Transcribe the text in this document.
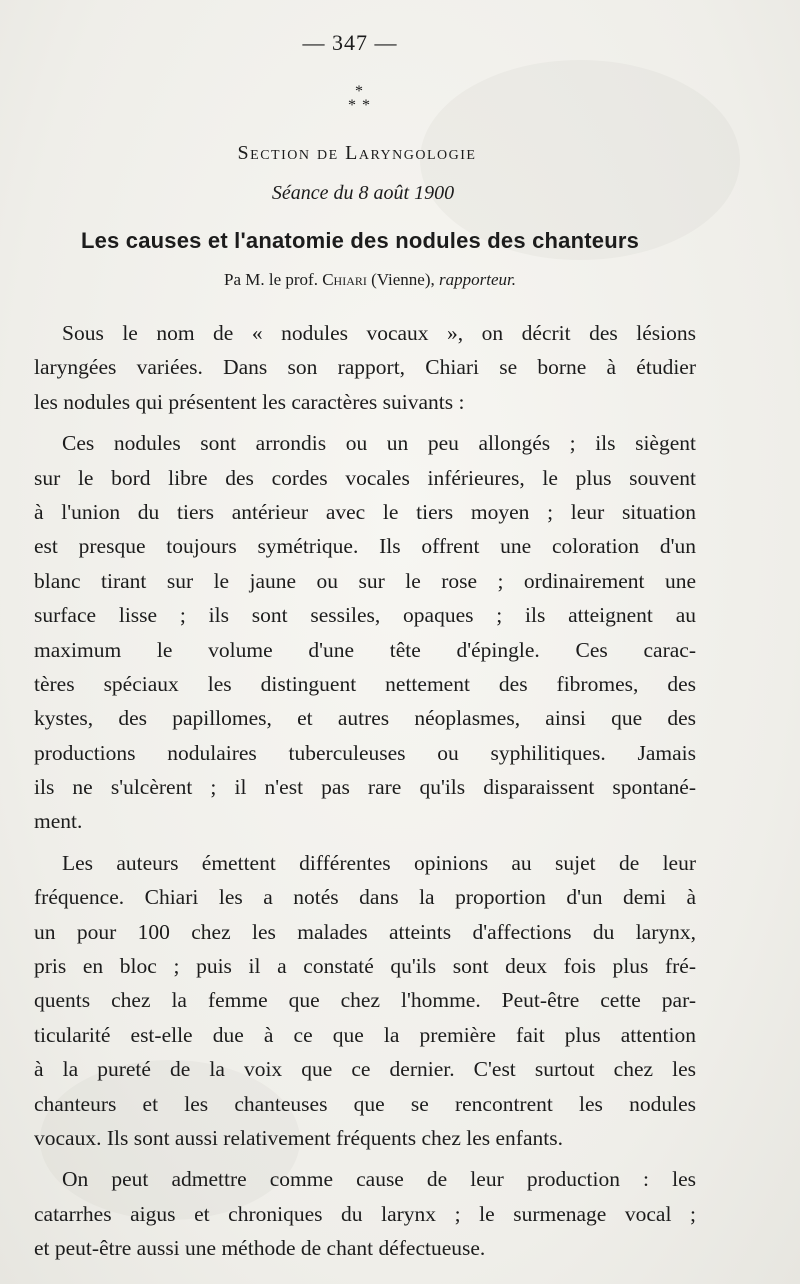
— 347 —
*
* *
Section de Laryngologie
Séance du 8 août 1900
Les causes et l'anatomie des nodules des chanteurs
Pa M. le prof. Chiari (Vienne), rapporteur.
Sous le nom de « nodules vocaux », on décrit des lésions
laryngées variées. Dans son rapport, Chiari se borne à étudier
les nodules qui présentent les caractères suivants :
Ces nodules sont arrondis ou un peu allongés ; ils siègent
sur le bord libre des cordes vocales inférieures, le plus souvent
à l'union du tiers antérieur avec le tiers moyen ; leur situation
est presque toujours symétrique. Ils offrent une coloration d'un
blanc tirant sur le jaune ou sur le rose ; ordinairement une
surface lisse ; ils sont sessiles, opaques ; ils atteignent au
maximum le volume d'une tête d'épingle. Ces carac-
tères spéciaux les distinguent nettement des fibromes, des
kystes, des papillomes, et autres néoplasmes, ainsi que des
productions nodulaires tuberculeuses ou syphilitiques. Jamais
ils ne s'ulcèrent ; il n'est pas rare qu'ils disparaissent spontané-
ment.
Les auteurs émettent différentes opinions au sujet de leur
fréquence. Chiari les a notés dans la proportion d'un demi à
un pour 100 chez les malades atteints d'affections du larynx,
pris en bloc ; puis il a constaté qu'ils sont deux fois plus fré-
quents chez la femme que chez l'homme. Peut-être cette par-
ticularité est-elle due à ce que la première fait plus attention
à la pureté de la voix que ce dernier. C'est surtout chez les
chanteurs et les chanteuses que se rencontrent les nodules
vocaux. Ils sont aussi relativement fréquents chez les enfants.
On peut admettre comme cause de leur production : les
catarrhes aigus et chroniques du larynx ; le surmenage vocal ;
et peut-être aussi une méthode de chant défectueuse.
